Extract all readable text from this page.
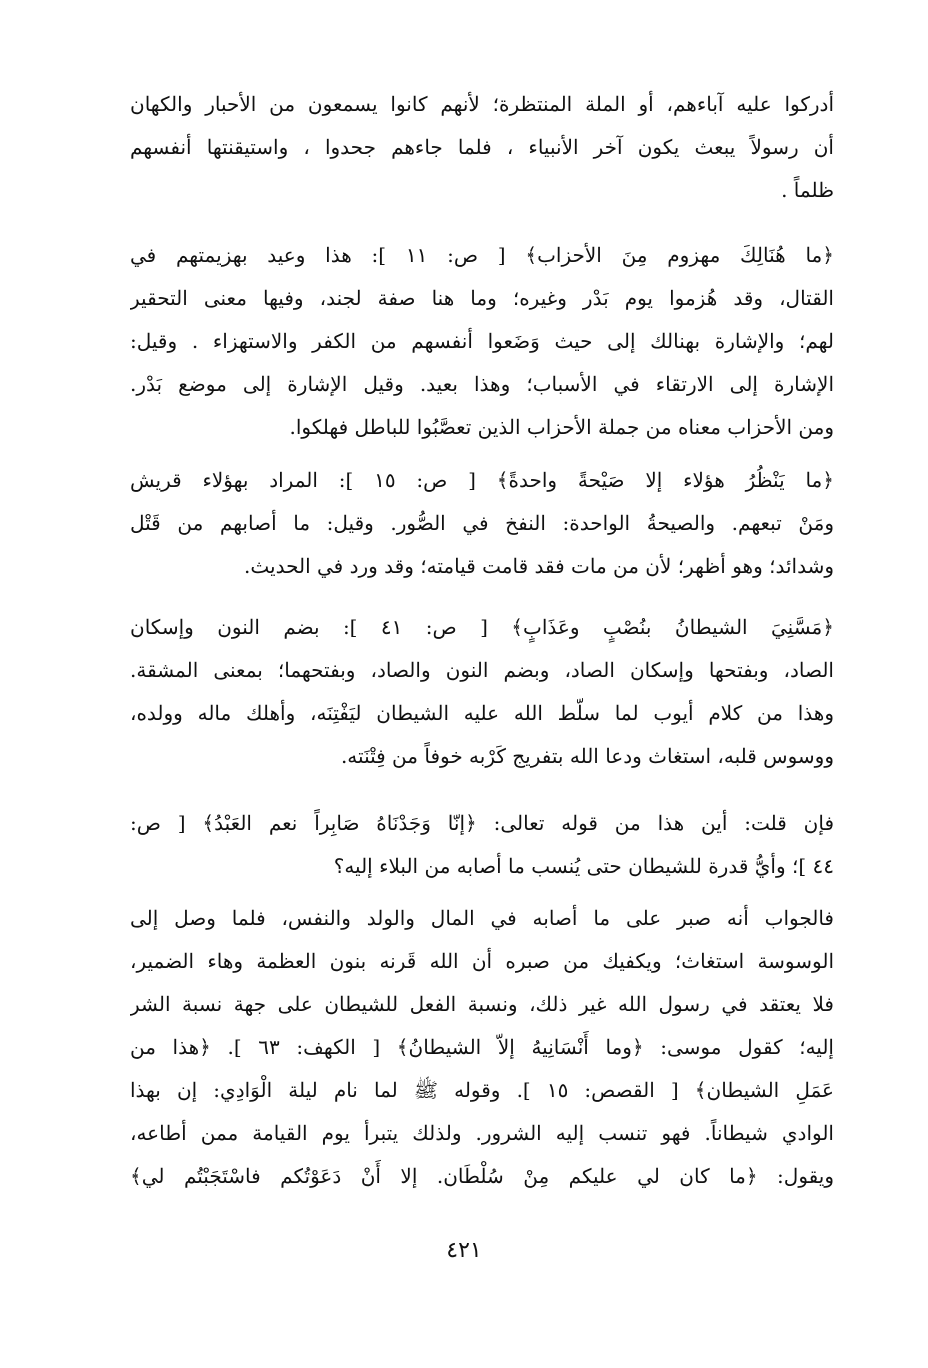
أدركوا عليه آباءهم، أو الملة المنتظرة؛ لأنهم كانوا يسمعون من الأحبار والكهان
أن رسولاً يبعث يكون آخر الأنبياء ، فلما جاءهم جحدوا ، واستيقنتها أنفسهم
ظلماً .
﴿ما هُنَالِكَ مهزوم مِنَ الأحزاب﴾ [ ص: ١١ ]: هذا وعيد بهزيمتهم في
القتال، وقد هُزموا يوم بَدْر وغيره؛ وما هنا صفة لجند، وفيها معنى التحقير
لهم؛ والإشارة بهنالك إلى حيث وَضَعوا أنفسهم من الكفر والاستهزاء . وقيل:
الإشارة إلى الارتقاء في الأسباب؛ وهذا بعيد. وقيل الإشارة إلى موضع بَدْر.
ومن الأحزاب معناه من جملة الأحزاب الذين تعصَّبُوا للباطل فهلكوا.
﴿ما يَنْظُرُ هؤلاء إلا صَيْحةً واحدةً﴾ [ ص: ١٥ ]: المراد بهؤلاء قريش
ومَنْ تبعهم. والصيحةُ الواحدة: النفخ في الصُّور. وقيل: ما أصابهم من قَتْل
وشدائد؛ وهو أظهر؛ لأن من مات فقد قامت قيامته؛ وقد ورد في الحديث.
﴿مَسَّنِيَ الشيطانُ بنُصْبٍ وعَذَابٍ﴾ [ ص: ٤١ ]: بضم النون وإسكان
الصاد، وبفتحها وإسكان الصاد، وبضم النون والصاد، وبفتحهما؛ بمعنى المشقة.
وهذا من كلام أيوب لما سلّط الله عليه الشيطان ليَفْتِنَه، وأهلك ماله وولده،
ووسوس قلبه، استغاث ودعا الله بتفريج كَرْبه خوفاً من فِتْنَته.
فإن قلت: أين هذا من قوله تعالى: ﴿إنّا وَجَدْنَاهُ صَابِراً نعم العَبْدُ﴾ [ ص:
٤٤ ]؛ وأيُّ قدرة للشيطان حتى يُنسب ما أصابه من البلاء إليه؟
فالجواب أنه صبر على ما أصابه في المال والولد والنفس، فلما وصل إلى
الوسوسة استغاث؛ ويكفيك من صبره أن الله قَرنه بنون العظمة وهاء الضمير،
فلا يعتقد في رسول الله غير ذلك، ونسبة الفعل للشيطان على جهة نسبة الشر
إليه؛ كقول موسى: ﴿وما أَنْسَانِيهُ إلاّ الشيطانُ﴾ [ الكهف: ٦٣ ]. ﴿هذا من
عَمَلِ الشيطان﴾ [ القصص: ١٥ ]. وقوله ﷺ لما نام ليلة الْوَادِي: إن بهذا
الوادي شيطاناً. فهو تنسب إليه الشرور. ولذلك يتبرأ يوم القيامة ممن أطاعه،
ويقول: ﴿ما كان لي عليكم مِنْ سُلْطَان. إلا أَنْ دَعَوْتُكم فاسْتَجَبْتُم لي﴾
٤٢١
